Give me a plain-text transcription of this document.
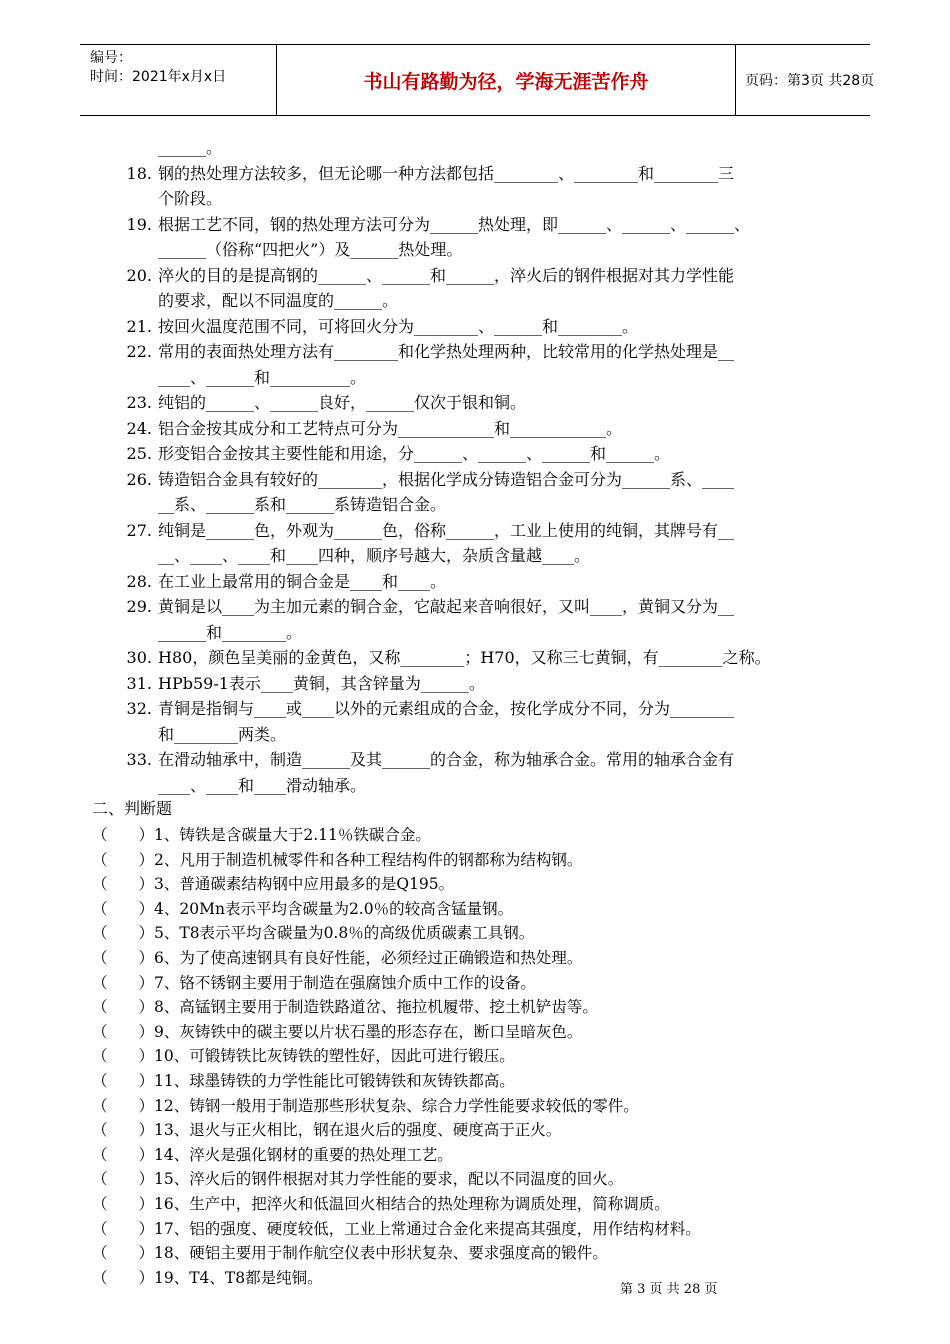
编号：
时间：2021年x月x日	书山有路勤为径，学海无涯苦作舟	页码：第3页 共28页
______。
18. 钢的热处理方法较多，但无论哪一种方法都包括________、________和________三
个阶段。
19. 根据工艺不同，钢的热处理方法可分为______热处理，即______、______、______、
______（俗称“四把火”）及______热处理。
20. 淬火的目的是提高钢的______、______和______，淬火后的钢件根据对其力学性能
的要求，配以不同温度的______。
21. 按回火温度范围不同，可将回火分为________、______和________。
22. 常用的表面热处理方法有________和化学热处理两种，比较常用的化学热处理是__
____、______和__________。
23. 纯铝的______、______良好，______仅次于银和铜。
24. 铝合金按其成分和工艺特点可分为____________和____________。
25. 形变铝合金按其主要性能和用途，分______、______、______和______。
26. 铸造铝合金具有较好的________，根据化学成分铸造铝合金可分为______系、____
__系、______系和______系铸造铝合金。
27. 纯铜是______色，外观为______色，俗称______，工业上使用的纯铜，其牌号有__
__、____、____和____四种，顺序号越大，杂质含量越____。
28. 在工业上最常用的铜合金是____和____。
29. 黄铜是以____为主加元素的铜合金，它敲起来音响很好，又叫____，黄铜又分为__
______和________。
30. H80，颜色呈美丽的金黄色，又称________；H70，又称三七黄铜，有________之称。
31. HPb59-1表示____黄铜，其含锌量为______。
32. 青铜是指铜与____或____以外的元素组成的合金，按化学成分不同，分为________
和________两类。
33. 在滑动轴承中，制造______及其______的合金，称为轴承合金。常用的轴承合金有
____、____和____滑动轴承。
二、判断题
（　　）1、铸铁是含碳量大于2.11％铁碳合金。
（　　）2、凡用于制造机械零件和各种工程结构件的钢都称为结构钢。
（　　）3、普通碳素结构钢中应用最多的是Q195。
（　　）4、20Mn表示平均含碳量为2.0％的较高含锰量钢。
（　　）5、T8表示平均含碳量为0.8％的高级优质碳素工具钢。
（　　）6、为了使高速钢具有良好性能，必须经过正确锻造和热处理。
（　　）7、铬不锈钢主要用于制造在强腐蚀介质中工作的设备。
（　　）8、高锰钢主要用于制造铁路道岔、拖拉机履带、挖土机铲齿等。
（　　）9、灰铸铁中的碳主要以片状石墨的形态存在，断口呈暗灰色。
（　　）10、可锻铸铁比灰铸铁的塑性好，因此可进行锻压。
（　　）11、球墨铸铁的力学性能比可锻铸铁和灰铸铁都高。
（　　）12、铸钢一般用于制造那些形状复杂、综合力学性能要求较低的零件。
（　　）13、退火与正火相比，钢在退火后的强度、硬度高于正火。
（　　）14、淬火是强化钢材的重要的热处理工艺。
（　　）15、淬火后的钢件根据对其力学性能的要求，配以不同温度的回火。
（　　）16、生产中，把淬火和低温回火相结合的热处理称为调质处理，简称调质。
（　　）17、铝的强度、硬度较低，工业上常通过合金化来提高其强度，用作结构材料。
（　　）18、硬铝主要用于制作航空仪表中形状复杂、要求强度高的锻件。
（　　）19、T4、T8都是纯铜。
第 3 页 共 28 页
